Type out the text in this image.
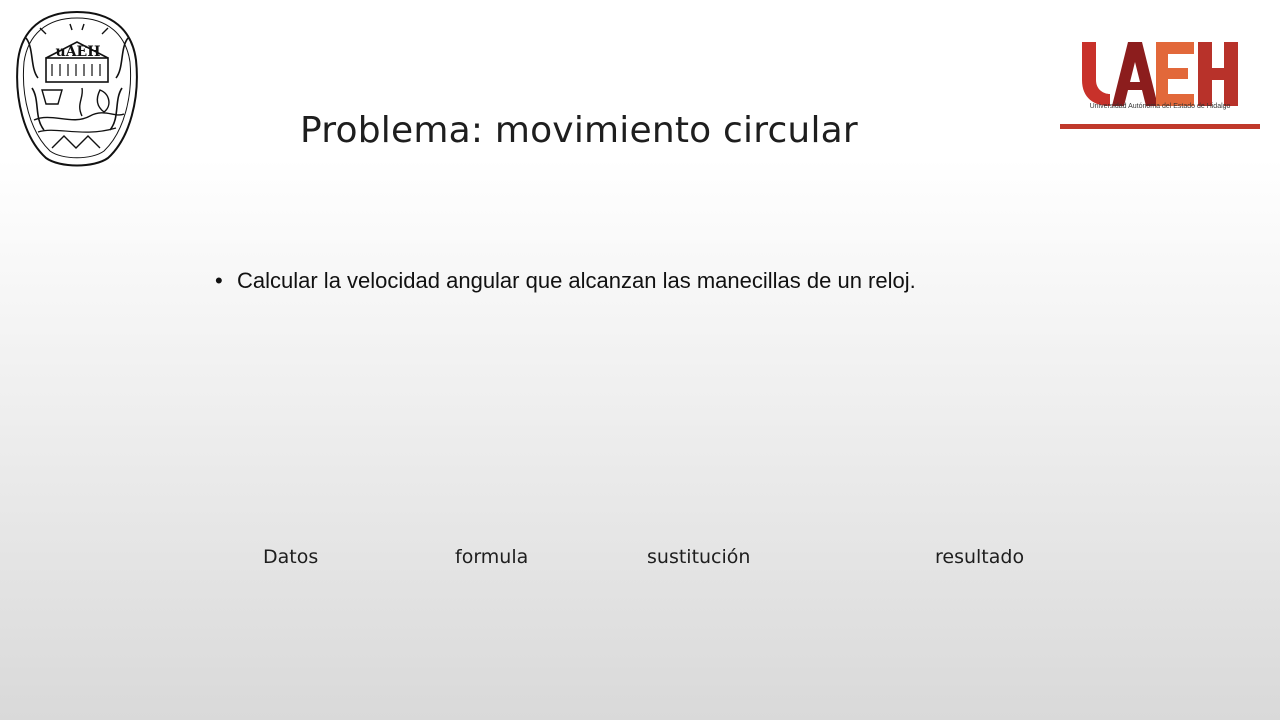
uAEH
Universidad Autónoma del Estado de Hidalgo
Problema: movimiento circular
• Calcular la velocidad angular que alcanzan las manecillas de un reloj.
Datos	formula	sustitución	resultado
